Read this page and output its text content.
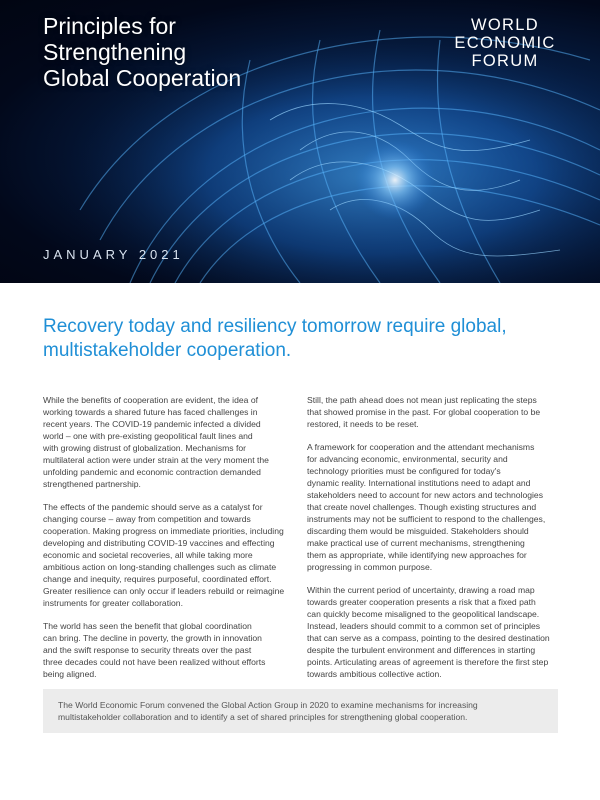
Principles for
Strengthening
Global Cooperation
WORLD
ECONOMIC
FORUM
JANUARY 2021
Recovery today and resiliency tomorrow require global,
multistakeholder cooperation.

While the benefits of cooperation are evident, the idea of
working towards a shared future has faced challenges in
recent years. The COVID-19 pandemic infected a divided
world – one with pre-existing geopolitical fault lines and
with growing distrust of globalization. Mechanisms for
multilateral action were under strain at the very moment the
unfolding pandemic and economic contraction demanded
strengthened partnership.

The effects of the pandemic should serve as a catalyst for
changing course – away from competition and towards
cooperation. Making progress on immediate priorities, including
developing and distributing COVID-19 vaccines and effecting
economic and societal recoveries, all while taking more
ambitious action on long-standing challenges such as climate
change and inequity, requires purposeful, coordinated effort.
Greater resilience can only occur if leaders rebuild or reimagine
instruments for greater collaboration.

The world has seen the benefit that global coordination
can bring. The decline in poverty, the growth in innovation
and the swift response to security threats over the past
three decades could not have been realized without efforts
being aligned.

Still, the path ahead does not mean just replicating the steps
that showed promise in the past. For global cooperation to be
restored, it needs to be reset.

A framework for cooperation and the attendant mechanisms
for advancing economic, environmental, security and
technology priorities must be configured for today's
dynamic reality. International institutions need to adapt and
stakeholders need to account for new actors and technologies
that create novel challenges. Though existing structures and
instruments may not be sufficient to respond to the challenges,
discarding them would be misguided. Stakeholders should
make practical use of current mechanisms, strengthening
them as appropriate, while identifying new approaches for
progressing in common purpose.

Within the current period of uncertainty, drawing a road map
towards greater cooperation presents a risk that a fixed path
can quickly become misaligned to the geopolitical landscape.
Instead, leaders should commit to a common set of principles
that can serve as a compass, pointing to the desired destination
despite the turbulent environment and differences in starting
points. Articulating areas of agreement is therefore the first step
towards ambitious collective action.

The World Economic Forum convened the Global Action Group in 2020 to examine mechanisms for increasing
multistakeholder collaboration and to identify a set of shared principles for strengthening global cooperation.
